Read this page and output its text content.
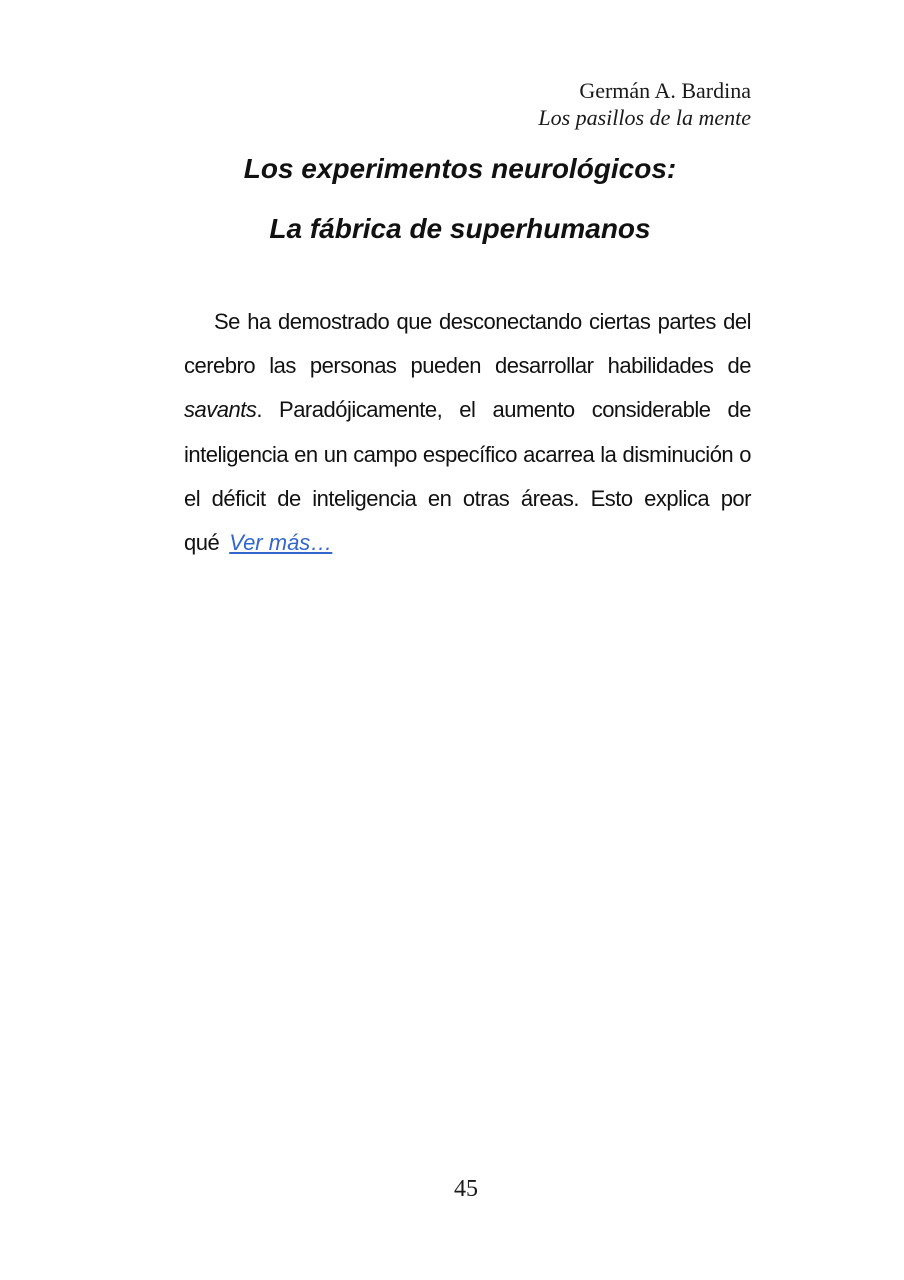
Germán A. Bardina
Los pasillos de la mente
Los experimentos neurológicos:
La fábrica de superhumanos

Se ha demostrado que desconectando ciertas partes del cerebro las personas pueden desarrollar habilidades de savants. Paradójicamente, el aumento considerable de inteligencia en un campo específico acarrea la disminución o el déficit de inteligencia en otras áreas. Esto explica por qué Ver más…

45
